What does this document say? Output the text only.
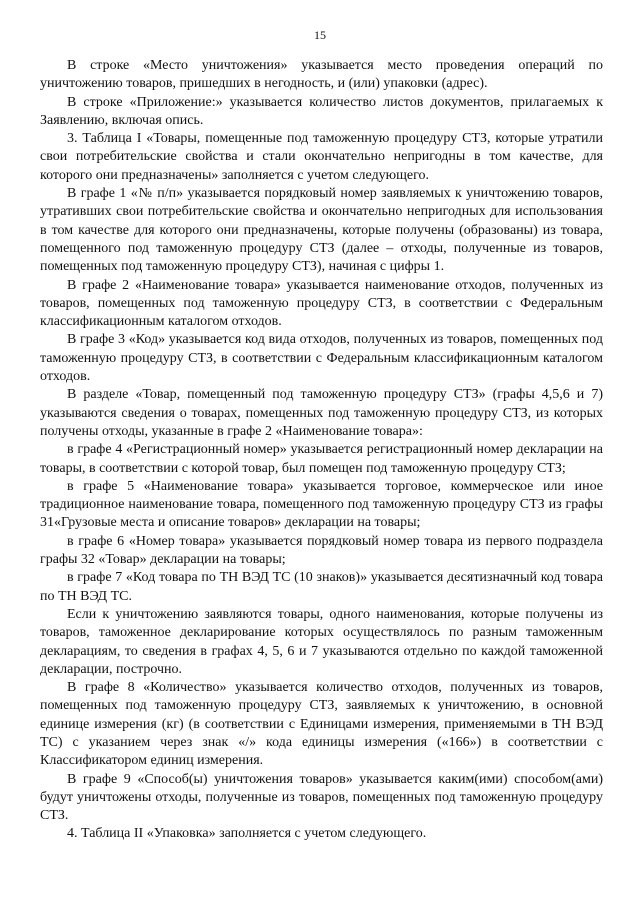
15

В строке «Место уничтожения» указывается место проведения операций по уничтожению товаров, пришедших в негодность, и (или) упаковки (адрес).

В строке «Приложение:» указывается количество листов документов, прилагаемых к Заявлению, включая опись.

3. Таблица I «Товары, помещенные под таможенную процедуру СТЗ, которые утратили свои потребительские свойства и стали окончательно непригодны в том качестве, для которого они предназначены» заполняется с учетом следующего.

В графе 1 «№ п/п» указывается порядковый номер заявляемых к уничтожению товаров, утративших свои потребительские свойства и окончательно непригодных для использования в том качестве для которого они предназначены, которые получены (образованы) из товара, помещенного под таможенную процедуру СТЗ (далее – отходы, полученные из товаров, помещенных под таможенную процедуру СТЗ), начиная с цифры 1.

В графе 2 «Наименование товара» указывается наименование отходов, полученных из товаров, помещенных под таможенную процедуру СТЗ, в соответствии с Федеральным классификационным каталогом отходов.

В графе 3 «Код» указывается код вида отходов, полученных из товаров, помещенных под таможенную процедуру СТЗ, в соответствии с Федеральным классификационным каталогом отходов.

В разделе «Товар, помещенный под таможенную процедуру СТЗ» (графы 4,5,6 и 7) указываются сведения о товарах, помещенных под таможенную процедуру СТЗ, из которых получены отходы, указанные в графе 2 «Наименование товара»:

в графе 4 «Регистрационный номер» указывается регистрационный номер декларации на товары, в соответствии с которой товар, был помещен под таможенную процедуру СТЗ;

в графе 5 «Наименование товара» указывается торговое, коммерческое или иное традиционное наименование товара, помещенного под таможенную процедуру СТЗ из графы 31«Грузовые места и описание товаров» декларации на товары;

в графе 6 «Номер товара» указывается порядковый номер товара из первого подраздела графы 32 «Товар» декларации на товары;

в графе 7 «Код товара по ТН ВЭД ТС (10 знаков)» указывается десятизначный код товара по ТН ВЭД ТС.

Если к уничтожению заявляются товары, одного наименования, которые получены из товаров, таможенное декларирование которых осуществлялось по разным таможенным декларациям, то сведения в графах 4, 5, 6 и 7 указываются отдельно по каждой таможенной декларации, построчно.

В графе 8 «Количество» указывается количество отходов, полученных из товаров, помещенных под таможенную процедуру СТЗ, заявляемых к уничтожению, в основной единице измерения (кг) (в соответствии с Единицами измерения, применяемыми в ТН ВЭД ТС) с указанием через знак «/» кода единицы измерения («166») в соответствии с Классификатором единиц измерения.

В графе 9 «Способ(ы) уничтожения товаров» указывается каким(ими) способом(ами) будут уничтожены отходы, полученные из товаров, помещенных под таможенную процедуру СТЗ.

4. Таблица II «Упаковка» заполняется с учетом следующего.
